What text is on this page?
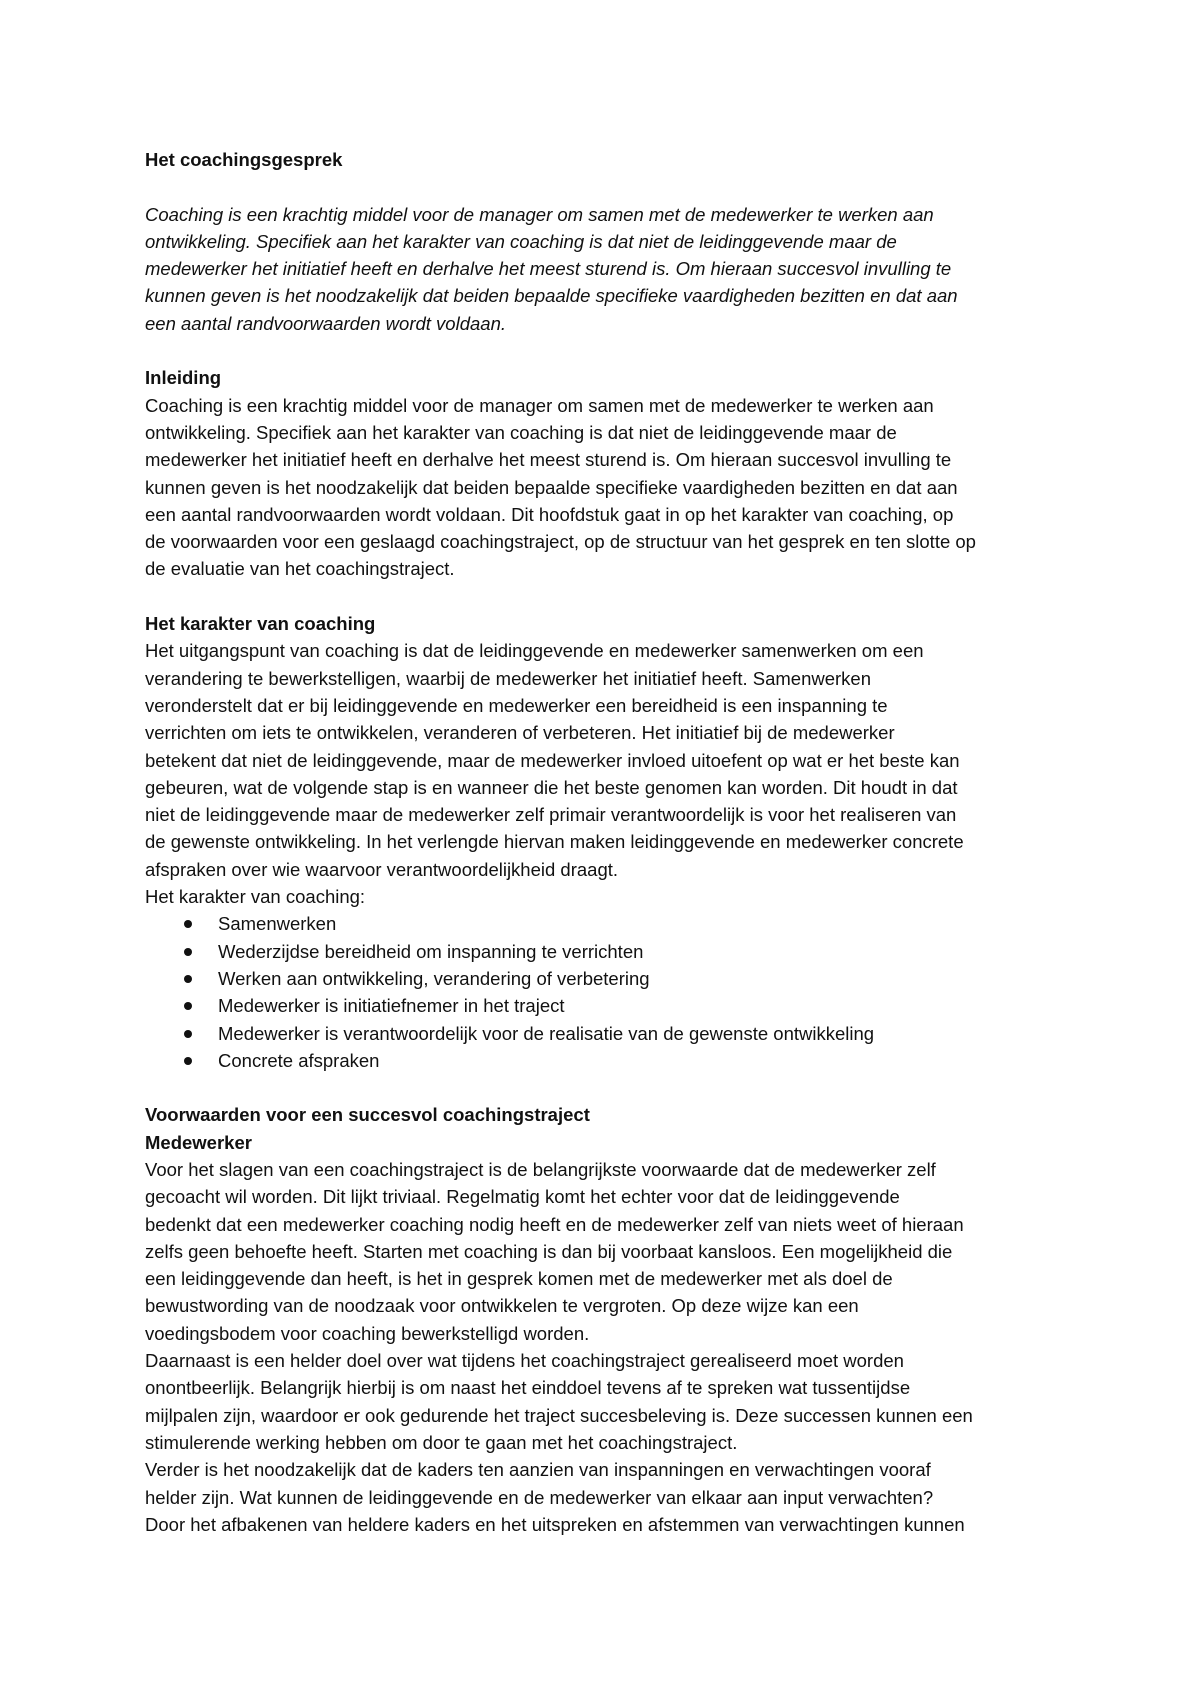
Het coachingsgesprek
Coaching is een krachtig middel voor de manager om samen met de medewerker te werken aan
ontwikkeling. Specifiek aan het karakter van coaching is dat niet de leidinggevende maar de
medewerker het initiatief heeft en derhalve het meest sturend is. Om hieraan succesvol invulling te
kunnen geven is het noodzakelijk dat beiden bepaalde specifieke vaardigheden bezitten en dat aan
een aantal randvoorwaarden wordt voldaan.
Inleiding
Coaching is een krachtig middel voor de manager om samen met de medewerker te werken aan
ontwikkeling. Specifiek aan het karakter van coaching is dat niet de leidinggevende maar de
medewerker het initiatief heeft en derhalve het meest sturend is. Om hieraan succesvol invulling te
kunnen geven is het noodzakelijk dat beiden bepaalde specifieke vaardigheden bezitten en dat aan
een aantal randvoorwaarden wordt voldaan. Dit hoofdstuk gaat in op het karakter van coaching, op
de voorwaarden voor een geslaagd coachingstraject, op de structuur van het gesprek en ten slotte op
de evaluatie van het coachingstraject.
Het karakter van coaching
Het uitgangspunt van coaching is dat de leidinggevende en medewerker samenwerken om een
verandering te bewerkstelligen, waarbij de medewerker het initiatief heeft. Samenwerken
veronderstelt dat er bij leidinggevende en medewerker een bereidheid is een inspanning te
verrichten om iets te ontwikkelen, veranderen of verbeteren. Het initiatief bij de medewerker
betekent dat niet de leidinggevende, maar de medewerker invloed uitoefent op wat er het beste kan
gebeuren, wat de volgende stap is en wanneer die het beste genomen kan worden. Dit houdt in dat
niet de leidinggevende maar de medewerker zelf primair verantwoordelijk is voor het realiseren van
de gewenste ontwikkeling. In het verlengde hiervan maken leidinggevende en medewerker concrete
afspraken over wie waarvoor verantwoordelijkheid draagt.
Het karakter van coaching:
Samenwerken
Wederzijdse bereidheid om inspanning te verrichten
Werken aan ontwikkeling, verandering of verbetering
Medewerker is initiatiefnemer in het traject
Medewerker is verantwoordelijk voor de realisatie van de gewenste ontwikkeling
Concrete afspraken
Voorwaarden voor een succesvol coachingstraject
Medewerker
Voor het slagen van een coachingstraject is de belangrijkste voorwaarde dat de medewerker zelf
gecoacht wil worden. Dit lijkt triviaal. Regelmatig komt het echter voor dat de leidinggevende
bedenkt dat een medewerker coaching nodig heeft en de medewerker zelf van niets weet of hieraan
zelfs geen behoefte heeft. Starten met coaching is dan bij voorbaat kansloos. Een mogelijkheid die
een leidinggevende dan heeft, is het in gesprek komen met de medewerker met als doel de
bewustwording van de noodzaak voor ontwikkelen te vergroten. Op deze wijze kan een
voedingsbodem voor coaching bewerkstelligd worden.
Daarnaast is een helder doel over wat tijdens het coachingstraject gerealiseerd moet worden
onontbeerlijk. Belangrijk hierbij is om naast het einddoel tevens af te spreken wat tussentijdse
mijlpalen zijn, waardoor er ook gedurende het traject succesbeleving is. Deze successen kunnen een
stimulerende werking hebben om door te gaan met het coachingstraject.
Verder is het noodzakelijk dat de kaders ten aanzien van inspanningen en verwachtingen vooraf
helder zijn. Wat kunnen de leidinggevende en de medewerker van elkaar aan input verwachten?
Door het afbakenen van heldere kaders en het uitspreken en afstemmen van verwachtingen kunnen
